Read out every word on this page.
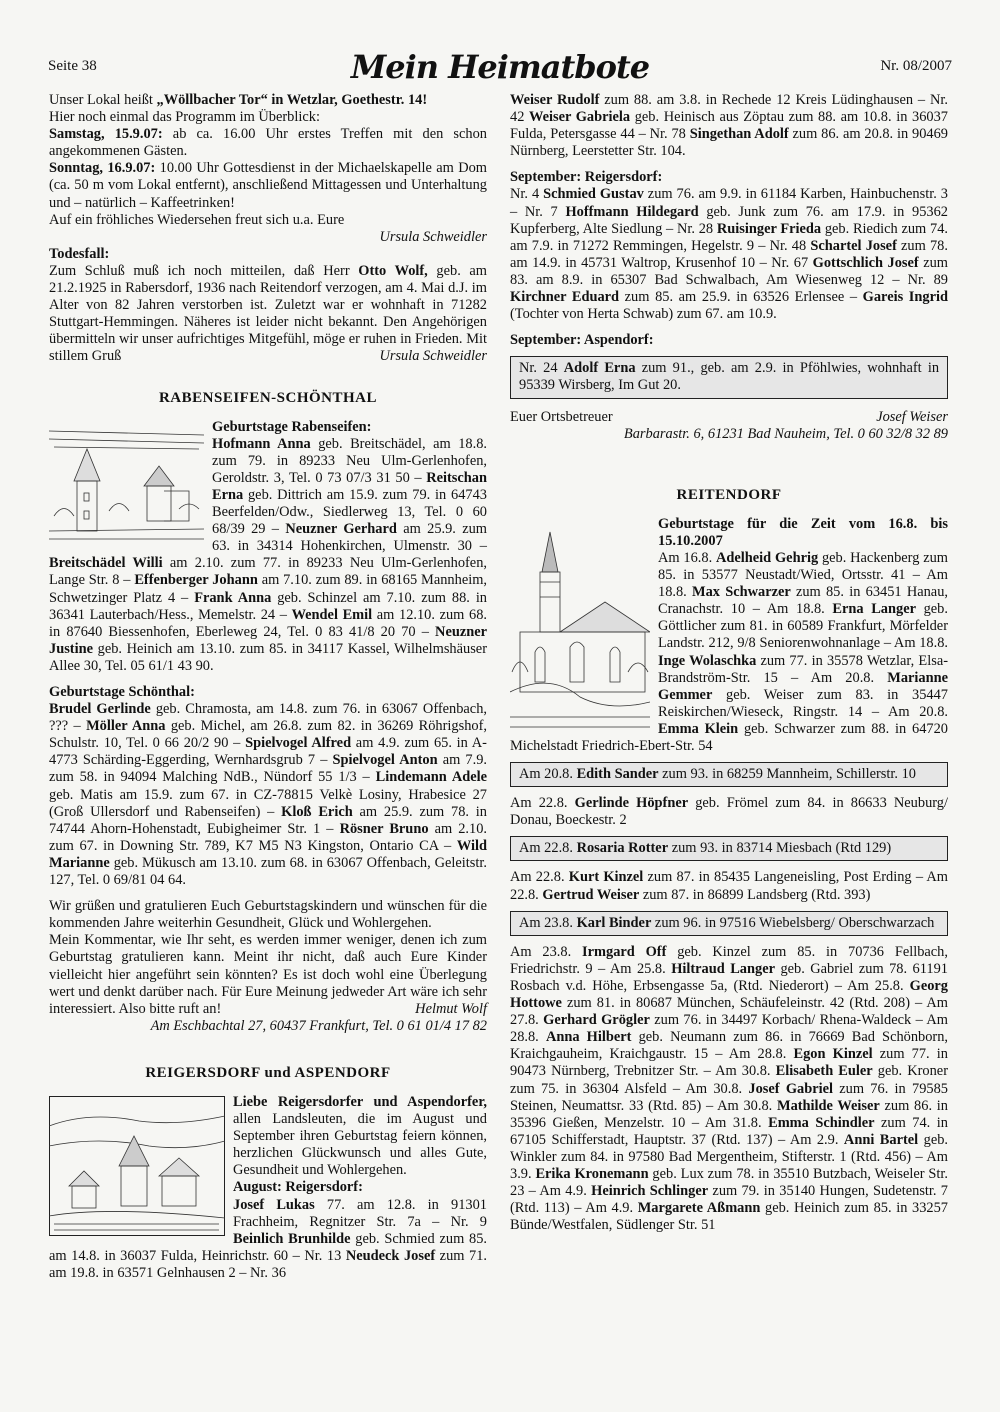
Seite 38	Mein Heimatbote	Nr. 08/2007

Unser Lokal heißt „Wöllbacher Tor“ in Wetzlar, Goethestr. 14!
Hier noch einmal das Programm im Überblick:
Samstag, 15.9.07: ab ca. 16.00 Uhr erstes Treffen mit den schon angekommenen Gästen.
Sonntag, 16.9.07: 10.00 Uhr Gottesdienst in der Michaelskapelle am Dom (ca. 50 m vom Lokal entfernt), anschließend Mittagessen und Unterhaltung und – natürlich – Kaffeetrinken!
Auf ein fröhliches Wiedersehen freut sich u.a. Eure

Ursula Schweidler

Todesfall:

Zum Schluß muß ich noch mitteilen, daß Herr Otto Wolf, geb. am 21.2.1925 in Rabersdorf, 1936 nach Reitendorf verzogen, am 4. Mai d.J. im Alter von 82 Jahren verstorben ist. Zuletzt war er wohnhaft in 71282 Stuttgart-Hemmingen. Näheres ist leider nicht bekannt. Den Angehörigen übermitteln wir unser aufrichtiges Mitgefühl, möge er ruhen in Frieden. Mit stillem Gruß	Ursula Schweidler

RABENSEIFEN-SCHÖNTHAL

Geburtstage Rabenseifen:
Hofmann Anna geb. Breitschädel, am 18.8. zum 79. in 89233 Neu Ulm-Gerlenhofen, Geroldstr. 3, Tel. 0 73 07/3 31 50 – Reitschan Erna geb. Dittrich am 15.9. zum 79. in 64743 Beerfelden/Odw., Siedlerweg 13, Tel. 0 60 68/39 29 – Neuzner Gerhard am 25.9. zum 63. in 34314 Hohenkirchen, Ulmenstr. 30 – Breitschädel Willi am 2.10. zum 77. in 89233 Neu Ulm-Gerlenhofen, Lange Str. 8 – Effenberger Johann am 7.10. zum 89. in 68165 Mannheim, Schwetzinger Platz 4 – Frank Anna geb. Schinzel am 7.10. zum 88. in 36341 Lauterbach/Hess., Memelstr. 24 – Wendel Emil am 12.10. zum 68. in 87640 Biessenhofen, Eberleweg 24, Tel. 0 83 41/8 20 70 – Neuzner Justine geb. Heinich am 13.10. zum 85. in 34117 Kassel, Wilhelmshäuser Allee 30, Tel. 05 61/1 43 90.

Geburtstage Schönthal:

Brudel Gerlinde geb. Chramosta, am 14.8. zum 76. in 63067 Offenbach, ??? – Möller Anna geb. Michel, am 26.8. zum 82. in 36269 Röhrigshof, Schulstr. 10, Tel. 0 66 20/2 90 – Spielvogel Alfred am 4.9. zum 65. in A-4773 Schärding-Eggerding, Wernhardsgrub 7 – Spielvogel Anton am 7.9. zum 58. in 94094 Malching NdB., Nündorf 55 1/3 – Lindemann Adele geb. Matis am 15.9. zum 67. in CZ-78815 Velkè Losiny, Hrabesice 27 (Groß Ullersdorf und Rabenseifen) – Kloß Erich am 25.9. zum 78. in 74744 Ahorn-Hohenstadt, Eubigheimer Str. 1 – Rösner Bruno am 2.10. zum 67. in Downing Str. 789, K7 M5 N3 Kingston, Ontario CA – Wild Marianne geb. Mükusch am 13.10. zum 68. in 63067 Offenbach, Geleitstr. 127, Tel. 0 69/81 04 64.

Wir grüßen und gratulieren Euch Geburtstagskindern und wünschen für die kommenden Jahre weiterhin Gesundheit, Glück und Wohlergehen.

Mein Kommentar, wie Ihr seht, es werden immer weniger, denen ich zum Geburtstag gratulieren kann. Meint ihr nicht, daß auch Eure Kinder vielleicht hier angeführt sein könnten? Es ist doch wohl eine Überlegung wert und denkt darüber nach. Für Eure Meinung jedweder Art wäre ich sehr interessiert. Also bitte ruft an!	Helmut Wolf

Am Eschbachtal 27, 60437 Frankfurt, Tel. 0 61 01/4 17 82

REIGERSDORF und ASPENDORF

Liebe Reigersdorfer und Aspendorfer, allen Landsleuten, die im August und September ihren Geburtstag feiern können, herzlichen Glückwunsch und alles Gute, Gesundheit und Wohlergehen.
August: Reigersdorf:
Josef Lukas 77. am 12.8. in 91301 Frachheim, Regnitzer Str. 7a – Nr. 9 Beinlich Brunhilde geb. Schmied zum 85. am 14.8. in 36037 Fulda, Heinrichstr. 60 – Nr. 13 Neudeck Josef zum 71. am 19.8. in 63571 Gelnhausen 2 – Nr. 36

Weiser Rudolf zum 88. am 3.8. in Rechede 12 Kreis Lüdinghausen – Nr. 42 Weiser Gabriela geb. Heinisch aus Zöptau zum 88. am 10.8. in 36037 Fulda, Petersgasse 44 – Nr. 78 Singethan Adolf zum 86. am 20.8. in 90469 Nürnberg, Leerstetter Str. 104.

September: Reigersdorf:

Nr. 4 Schmied Gustav zum 76. am 9.9. in 61184 Karben, Hainbuchenstr. 3 – Nr. 7 Hoffmann Hildegard geb. Junk zum 76. am 17.9. in 95362 Kupferberg, Alte Siedlung – Nr. 28 Ruisinger Frieda geb. Riedich zum 74. am 7.9. in 71272 Remmingen, Hegelstr. 9 – Nr. 48 Schartel Josef zum 78. am 14.9. in 45731 Waltrop, Krusenhof 10 – Nr. 67 Gottschlich Josef zum 83. am 8.9. in 65307 Bad Schwalbach, Am Wiesenweg 12 – Nr. 89 Kirchner Eduard zum 85. am 25.9. in 63526 Erlensee – Gareis Ingrid (Tochter von Herta Schwab) zum 67. am 10.9.

September: Aspendorf:

Nr. 24 Adolf Erna zum 91., geb. am 2.9. in Pföhlwies, wohnhaft in 95339 Wirsberg, Im Gut 20.

Euer Ortsbetreuer	Josef Weiser

Barbarastr. 6, 61231 Bad Nauheim, Tel. 0 60 32/8 32 89

REITENDORF

Geburtstage für die Zeit vom 16.8. bis 15.10.2007
Am 16.8. Adelheid Gehrig geb. Hackenberg zum 85. in 53577 Neustadt/Wied, Ortsstr. 41 – Am 18.8. Max Schwarzer zum 85. in 63451 Hanau, Cranachstr. 10 – Am 18.8. Erna Langer geb. Göttlicher zum 81. in 60589 Frankfurt, Mörfelder Landstr. 212, 9/8 Seniorenwohnanlage – Am 18.8. Inge Wolaschka zum 77. in 35578 Wetzlar, Elsa-Brandström-Str. 15 – Am 20.8. Marianne Gemmer geb. Weiser zum 83. in 35447 Reiskirchen/Wieseck, Ringstr. 14 – Am 20.8. Emma Klein geb. Schwarzer zum 88. in 64720 Michelstadt Friedrich-Ebert-Str. 54

Am 20.8. Edith Sander zum 93. in 68259 Mannheim, Schillerstr. 10

Am 22.8. Gerlinde Höpfner geb. Frömel zum 84. in 86633 Neuburg/ Donau, Boeckestr. 2

Am 22.8. Rosaria Rotter zum 93. in 83714 Miesbach (Rtd 129)

Am 22.8. Kurt Kinzel zum 87. in 85435 Langeneisling, Post Erding – Am 22.8. Gertrud Weiser zum 87. in 86899 Landsberg (Rtd. 393)

Am 23.8. Karl Binder zum 96. in 97516 Wiebelsberg/ Oberschwarzach

Am 23.8. Irmgard Off geb. Kinzel zum 85. in 70736 Fellbach, Friedrichstr. 9 – Am 25.8. Hiltraud Langer geb. Gabriel zum 78. 61191 Rosbach v.d. Höhe, Erbsengasse 5a, (Rtd. Niederort) – Am 25.8. Georg Hottowe zum 81. in 80687 München, Schäufeleinstr. 42 (Rtd. 208) – Am 27.8. Gerhard Grögler zum 76. in 34497 Korbach/ Rhena-Waldeck – Am 28.8. Anna Hilbert geb. Neumann zum 86. in 76669 Bad Schönborn, Kraichgauheim, Kraichgaustr. 15 – Am 28.8. Egon Kinzel zum 77. in 90473 Nürnberg, Trebnitzer Str. – Am 30.8. Elisabeth Euler geb. Kroner zum 75. in 36304 Alsfeld – Am 30.8. Josef Gabriel zum 76. in 79585 Steinen, Neumattsr. 33 (Rtd. 85) – Am 30.8. Mathilde Weiser zum 86. in 35396 Gießen, Menzelstr. 10 – Am 31.8. Emma Schindler zum 74. in 67105 Schifferstadt, Hauptstr. 37 (Rtd. 137) – Am 2.9. Anni Bartel geb. Winkler zum 84. in 97580 Bad Mergentheim, Stifterstr. 1 (Rtd. 456) – Am 3.9. Erika Kronemann geb. Lux zum 78. in 35510 Butzbach, Weiseler Str. 23 – Am 4.9. Heinrich Schlinger zum 79. in 35140 Hungen, Sudetenstr. 7 (Rtd. 113) – Am 4.9. Margarete Aßmann geb. Heinich zum 85. in 33257 Bünde/Westfalen, Südlenger Str. 51
